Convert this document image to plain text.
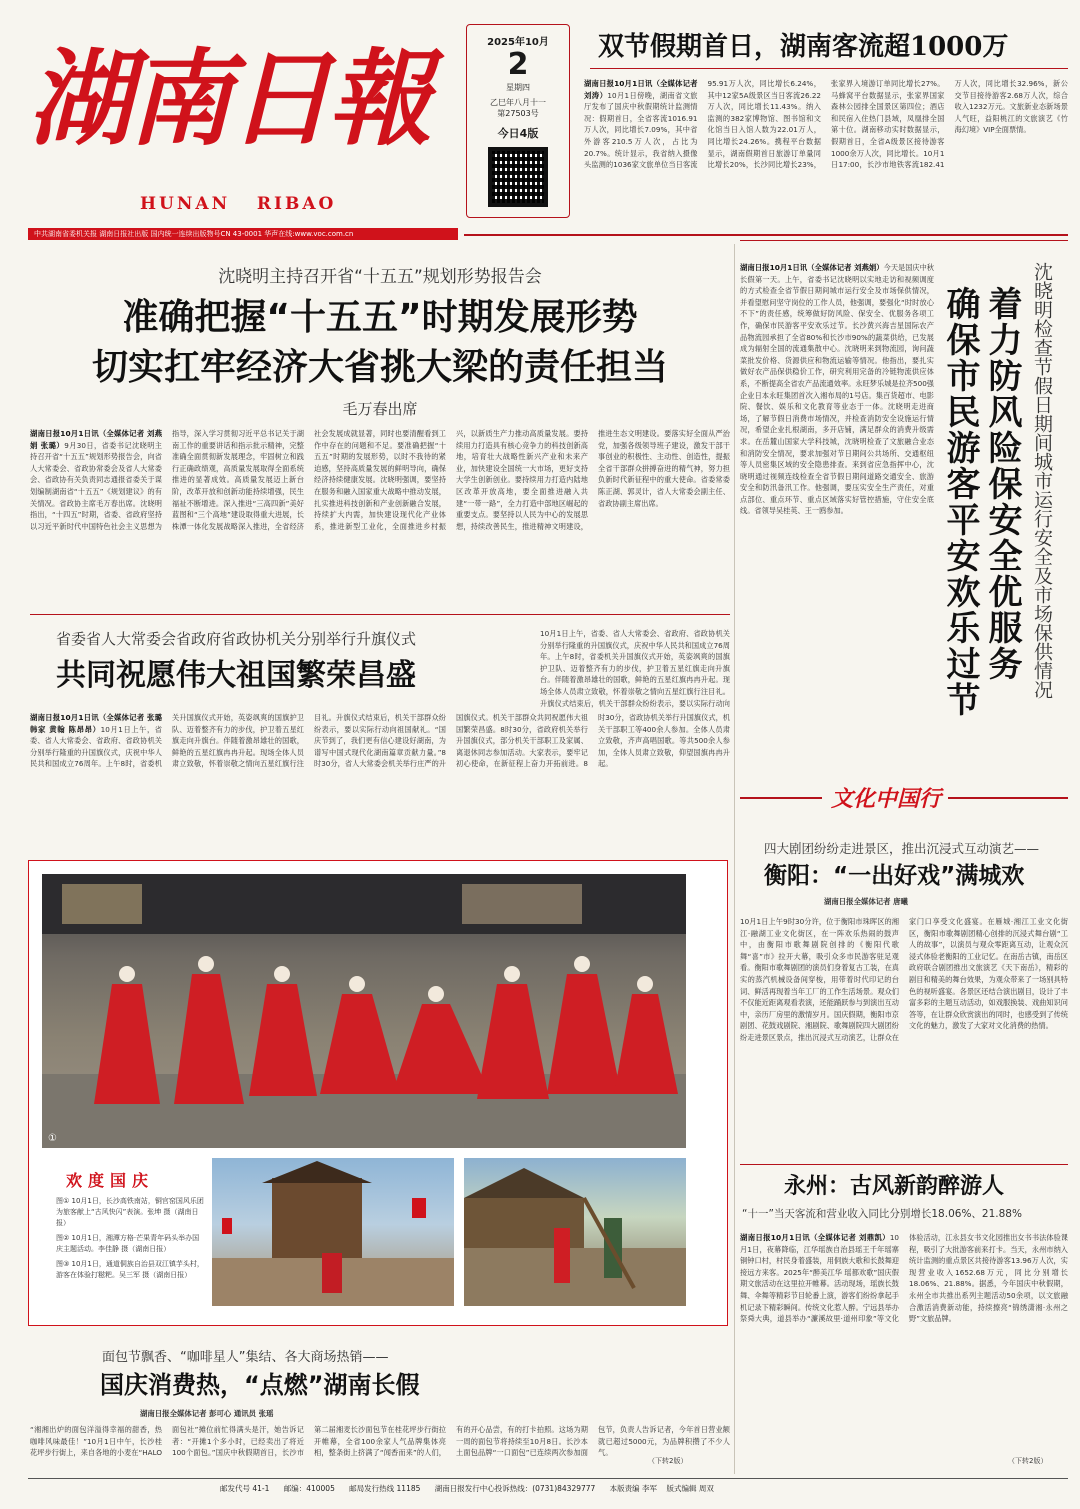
湖南日報
HUNAN   RIBAO
2025年10月
2
星期四
乙巳年八月十一
第27503号
今日4版
双节假期首日，湖南客流超1000万
湖南日报10月1日讯（全媒体记者 刘涛）10月1日傍晚，湖南省文旅厅发布了国庆中秋假期统计监测情况：假期首日，全省客流1016.91万人次，同比增长7.09%，其中省外游客210.5万人次，占比为20.7%。统计显示，我省纳入摄像头监测的1036家文旅单位当日客流95.91万人次，同比增长6.24%，其中12家5A级景区当日客流26.22万人次，同比增长11.43%。纳入监测的382家博物馆、图书馆和文化馆当日入馆人数为22.01万人，同比增长24.26%。携程平台数据显示，湖南假期首日旅游订单量同比增长20%，长沙同比增长23%，张家界入境游订单同比增长27%。马蜂窝平台数据显示，张家界国家森林公园排全国景区第四位；酒店和民宿入住热门县域，凤凰排全国第十位。湖南移动实时数据显示，假期首日，全省A级景区接待游客1000余万人次，同比增长。10月1日17:00，长沙市地铁客流182.41万人次，同比增长32.96%，新公交节目接待游客2.68万人次，综合收入1232万元。文旅新业态新场景人气旺，益阳桃江的文旅演艺《竹海幻境》VIP全面票情。
中共湖南省委机关报 湖南日报社出版 国内统一连续出版物号CN 43-0001 华声在线:www.voc.com.cn
沈晓明主持召开省“十五五”规划形势报告会
准确把握“十五五”时期发展形势
切实扛牢经济大省挑大梁的责任担当
毛万春出席
湖南日报10月1日讯（全媒体记者 刘燕娟 张璐）9月30日，省委书记沈晓明主持召开省“十五五”规划形势报告会，向省人大常委会、省政协常委会及省人大常委会、省政协有关负责同志通报省委关于谋划编制湖南省“十五五”《规划建议》的有关情况。省政协主席毛万春出席。沈晓明指出，“十四五”时期，省委、省政府坚持以习近平新时代中国特色社会主义思想为指导，深入学习贯彻习近平总书记关于湖南工作的重要讲话和指示批示精神，完整准确全面贯彻新发展理念，牢固树立和践行正确政绩观，高质量发展取得全面系统推进的显著成效。高质量发展迈上新台阶，改革开放和创新动能持续增强，民生福祉不断增进。深入推进“三高四新”美好蓝图和“三个高地”建设取得重大进展，长株潭一体化发展战略深入推进，全省经济社会发展成就显著，同时也要清醒看到工作中存在的问题和不足。要准确把握“十五五”时期的发展形势，以时不我待的紧迫感，坚持高质量发展的鲜明导向，确保经济持续健康发展。沈晓明强调，要坚持在服务和融入国家重大战略中推动发展，扎实推进科技创新和产业创新融合发展，持续扩大内需，加快建设现代化产业体系，推进新型工业化，全面推进乡村振兴，以新质生产力推动高质量发展。要持续用力打造具有核心竞争力的科技创新高地，培育壮大战略性新兴产业和未来产业，加快建设全国统一大市场，更好支持大学生创新创业。要持续用力打造内陆地区改革开放高地，要全面推进融入共建“一带一路”，全力打造中部地区崛起的重要支点。要坚持以人民为中心的发展思想，持续改善民生，推进精神文明建设，推进生态文明建设。要落实好全面从严治党，加强各级领导班子建设，激发干部干事创业的积极性、主动性、创造性，提振全省干部群众拼搏奋进的精气神，努力担负新时代新征程中的重大使命。省委常委陈正湖、郭灵计，省人大常委会副主任、省政协副主席出席。
省委省人大常委会省政府省政协机关分别举行升旗仪式
共同祝愿伟大祖国繁荣昌盛
10月1日上午，省委、省人大常委会、省政府、省政协机关分别举行隆重的升国旗仪式，庆祝中华人民共和国成立76周年。上午8时，省委机关升国旗仪式开始，英姿飒爽的国旗护卫队、迈着整齐有力的步伐，护卫着五星红旗走向升旗台。伴随着激昂雄壮的国歌，鲜艳的五星红旗冉冉升起。现场全体人员肃立致敬，怀着崇敬之情向五星红旗行注目礼。升旗仪式结束后，机关干部群众纷纷表示，要以实际行动向
湖南日报10月1日讯（全媒体记者 张璐 韩家 黄翰 陈昂昂）10月1日上午，省委、省人大常委会、省政府、省政协机关分别举行隆重的升国旗仪式，庆祝中华人民共和国成立76周年。上午8时，省委机关升国旗仪式开始，英姿飒爽的国旗护卫队、迈着整齐有力的步伐，护卫着五星红旗走向升旗台。伴随着激昂雄壮的国歌，鲜艳的五星红旗冉冉升起。现场全体人员肃立致敬，怀着崇敬之情向五星红旗行注目礼。升旗仪式结束后，机关干部群众纷纷表示，要以实际行动向祖国献礼。“国庆节到了，我们更有信心建设好湖南，为谱写中国式现代化湖南篇章贡献力量。”8时30分，省人大常委会机关举行庄严的升国旗仪式。机关干部群众共同祝愿伟大祖国繁荣昌盛。8时30分，省政府机关举行升国旗仪式，部分机关干部职工及家属、离退休同志参加活动。大家表示，要牢记初心使命，在新征程上奋力开拓前进。8时30分，省政协机关举行升国旗仪式，机关干部职工等400余人参加。全体人员肃立致敬，齐声高唱国歌。等共500余人参加，全体人员肃立致敬，仰望国旗冉冉升起。
①
欢度国庆

图① 10月1日，长沙高铁南站，铜官窑国风乐团为旅客献上“古风快闪”表演。张坤 摄（湖南日报）

图② 10月1日，湘潭方格·芒果青年码头举办国庆主题活动。李佳静 摄（湖南日报）

图③ 10月1日，通道侗族自治县双江镇芋头村，游客在体验打糍粑。吴三军 摄（湖南日报）

面包节飘香、“咖啡星人”集结、各大商场热销——
国庆消费热，“点燃”湖南长假
湖南日报全媒体记者 彭可心 通讯员 张瑶
“湘湘出炉的面包洋溢得幸福的甜香，热咖啡风味最佳！”10月1日中午，长沙桂花坪步行街上，来自各地的小麦在“HALO面包社”摊位前忙得满头是汗，她告诉记者：“开摊1个多小时，已经卖出了将近100个面包。”国庆中秋假期首日，长沙市第二届湘麦长沙面包节在桂花坪步行街拉开帷幕，全省100余家人气品牌集体亮相，整条街上挤满了“闻香而来”的人们，有的开心品尝，有的打卡拍照。这场为期一周的面包节将持续至10月8日。长沙本土面包品牌“一口面包”已连续两次参加面包节，负责人告诉记者，今年首日营业额就已超过5000元，为品牌积攒了不少人气。
（下转2版）
湖南日报10月1日讯（全媒体记者 刘燕娟）今天是国庆中秋长假第一天。上午，省委书记沈晓明以实地走访和视频调度的方式检查全省节假日期间城市运行安全及市场保供情况，并看望慰问坚守岗位的工作人员，他强调，要强化“时时放心不下”的责任感，统筹做好防风险、保安全、优服务各项工作，确保市民游客平安欢乐过节。长沙黄兴海吉星国际农产品物流园承担了全省80%和长沙市90%的蔬菜供给，已发展成为辐射全国的流通集散中心。沈晓明来到物流园，询问蔬菜批发价格、货源供应和物流运输等情况。他指出，要扎实做好农产品保供稳价工作，研究利用完备的冷链物流供应体系，不断提高全省农产品流通效率。永旺梦乐城是拉齐500强企业日本永旺集团首次入湘布局的1号店。集百货超市、电影院、餐饮、娱乐和文化教育等业态于一体。沈晓明走进商场，了解节假日消费市场情况，并检查消防安全设施运行情况，希望企业扎根湖南，多开店铺，满足群众的消费升级需求。在岳麓山国家大学科技城，沈晓明检查了文旅融合业态和消防安全情况，要求加强对节日期间公共场所、交通枢纽等人员密集区域的安全隐患排查。来到省应急指挥中心，沈晓明通过视频连线检查全省节假日期间道路交通安全、旅游安全和防汛备汛工作。他强调，要压实安全生产责任，对重点部位、重点环节、重点区域落实好管控措施，守住安全底线。省领导吴桂英、王一鸥参加。	确保市民游客平安欢乐过节 着力防风险保安全优服务 沈晓明检查节假日期间城市运行安全及市场保供情况
文化中国行
四大剧团纷纷走进景区，推出沉浸式互动演艺——
衡阳：“一出好戏”满城欢
湖南日报全媒体记者 唐曦
10月1日上午9时30分许，位于衡阳市珠晖区的湘江·融湖工业文化街区，在一阵欢乐热闹的鼓声中，由衡阳市歌舞剧院创排的《衡阳代歌舞“喜”市》拉开大幕，吸引众多市民游客驻足观看。衡阳市歌舞剧团的演员们身着复古工装，在真实的蒸汽机械设备间穿梭，用带着时代印记的台词、鲜活再现着当年工厂的工作生活场景。观众们不仅能近距离观看表演，还能踊跃参与到演出互动中，亲历厂房里的激情岁月。国庆假期，衡阳市京剧团、花鼓戏剧院、湘剧院、歌舞剧院四大剧团纷纷走进景区景点，推出沉浸式互动演艺，让群众在家门口享受文化盛宴。在雁城·湘江工业文化街区，衡阳市歌舞剧团精心创排的沉浸式舞台剧“工人的故事”，以演员与观众零距离互动，让观众沉浸式体验老衡阳的工业记忆。在南岳古镇，南岳区政府联合剧团推出文旅演艺《天下南岳》，精彩的剧目和精美的舞台效果，为观众带来了一场别具特色的视听盛宴。各景区还结合演出剧目，设计了丰富多彩的主题互动活动，如戏服换装、戏曲知识问答等，在让群众欣赏演出的同时，也感受到了传统文化的魅力，激发了大家对文化消费的热情。
永州：古风新韵醉游人
“十一”当天客流和营业收入同比分别增长18.06%、21.88%
湖南日报10月1日讯（全媒体记者 刘鼎凯）10月1日，夜幕降临，江华瑶族自治县瑶王千年瑶寨铜钟口村，村民身着盛装，用侗族大歌和长鼓舞迎接远方来客。2025年“醉美江华 瑶都欢歌”国庆假期文旅活动在这里拉开帷幕。活动现场，瑶族长鼓舞、伞舞等精彩节目轮番上演，游客们纷纷拿起手机记录下精彩瞬间。传统文化惹人醉。宁远县举办祭舜大典，道县举办“濂溪故里·道州印象”等文化体验活动，江永县女书文化园推出女书书法体验课程，吸引了大批游客前来打卡。当天，永州市纳入统计监测的重点景区共接待游客13.96万人次，实现营业收入1652.68万元，同比分别增长18.06%、21.88%。据悉，今年国庆中秋假期，永州全市共推出系列主题活动50余项，以文旅融合激活消费新动能，持续擦亮“锦绣潇湘·永州之野”文旅品牌。
（下转2版）
邮发代号 41-1      邮编：410005      邮局发行热线 11185      湖南日报发行中心投诉热线：(0731)84329777      本版责编 李军    版式编辑 周双
